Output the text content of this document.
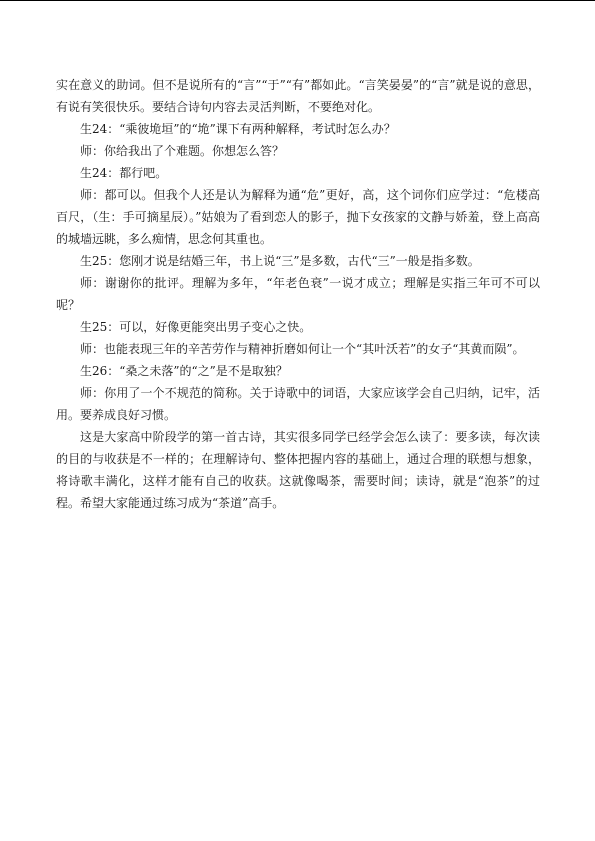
实在意义的助词。但不是说所有的“言”“于”“有”都如此。“言笑晏晏”的“言”就是说的意思，有说有笑很快乐。要结合诗句内容去灵活判断，不要绝对化。

生24：“乘彼垝垣”的“垝”课下有两种解释，考试时怎么办？

师：你给我出了个难题。你想怎么答？

生24：都行吧。

师：都可以。但我个人还是认为解释为通“危”更好，高，这个词你们应学过：“危楼高百尺，（生：手可摘星辰）。”姑娘为了看到恋人的影子，抛下女孩家的文静与娇羞，登上高高的城墙远眺，多么痴情，思念何其重也。

生25：您刚才说是结婚三年，书上说“三”是多数，古代“三”一般是指多数。

师：谢谢你的批评。理解为多年，“年老色衰”一说才成立；理解是实指三年可不可以呢？

生25：可以，好像更能突出男子变心之快。

师：也能表现三年的辛苦劳作与精神折磨如何让一个“其叶沃若”的女子“其黄而陨”。

生26：“桑之未落”的“之”是不是取独？

师：你用了一个不规范的简称。关于诗歌中的词语，大家应该学会自己归纳，记牢，活用。要养成良好习惯。

这是大家高中阶段学的第一首古诗，其实很多同学已经学会怎么读了：要多读，每次读的目的与收获是不一样的；在理解诗句、整体把握内容的基础上，通过合理的联想与想象，将诗歌丰满化，这样才能有自己的收获。这就像喝茶，需要时间；读诗，就是“泡茶”的过程。希望大家能通过练习成为“茶道”高手。
